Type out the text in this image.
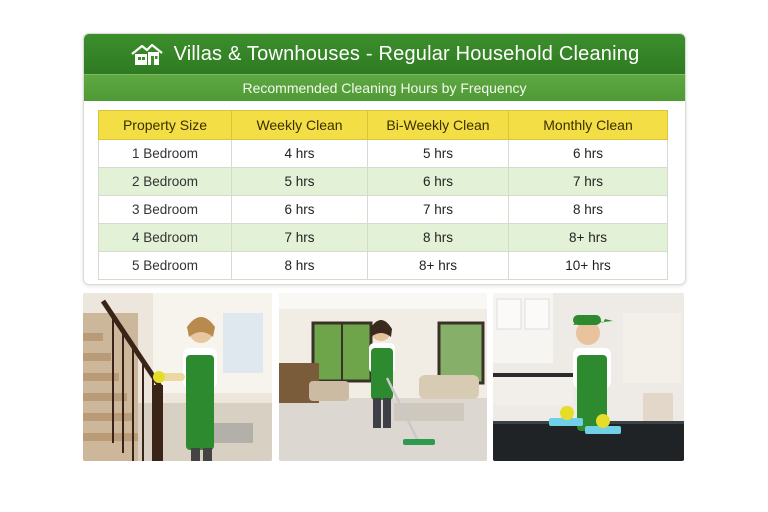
Villas & Townhouses - Regular Household Cleaning
Recommended Cleaning Hours by Frequency
Property Size	Weekly Clean	Bi-Weekly Clean	Monthly Clean
1 Bedroom	4 hrs	5 hrs	6 hrs
2 Bedroom	5 hrs	6 hrs	7 hrs
3 Bedroom	6 hrs	7 hrs	8 hrs
4 Bedroom	7 hrs	8 hrs	8+ hrs
5 Bedroom	8 hrs	8+ hrs	10+ hrs
